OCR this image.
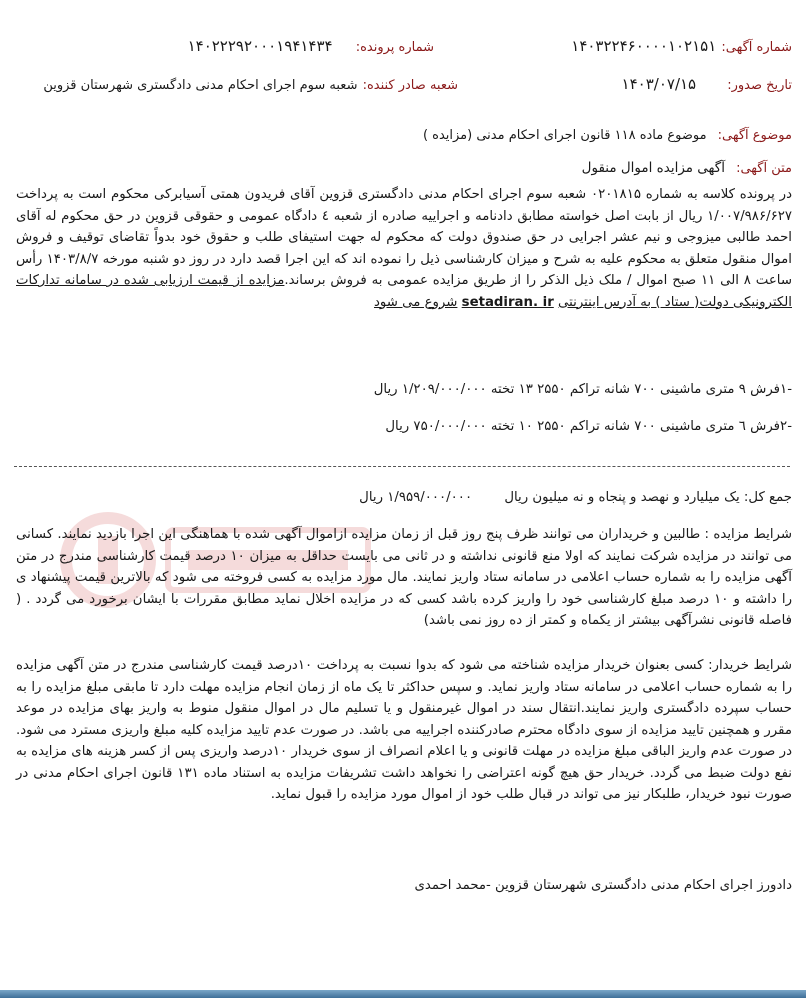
شماره آگهی: ۱۴۰۳۲۲۴۶۰۰۰۰۱۰۲۱۵۱
شماره پرونده: ۱۴۰۲۲۲۹۲۰۰۰۱۹۴۱۴۳۴
تاریخ صدور: ۱۴۰۳/۰۷/۱۵
شعبه صادر کننده: شعبه سوم اجرای احکام مدنی دادگستری شهرستان قزوین
موضوع آگهی: موضوع ماده ۱۱۸ قانون اجرای احکام مدنی (مزایده )
متن آگهی: آگهی مزایده اموال منقول

در پرونده کلاسه به شماره ۰۲۰۱۸۱۵ شعبه سوم اجرای احکام مدنی دادگستری قزوین آقای فریدون همتی آسیابرکی محکوم است به پرداخت ۱/۰۰۷/۹۸۶/۶۲۷ ریال از بابت اصل خواسته مطابق دادنامه و اجراییه صادره از شعبه ٤ دادگاه عمومی و حقوقی قزوین در حق محکوم له آقای احمد طالبی میزوجی و نیم عشر اجرایی در حق صندوق دولت که محکوم له جهت استیفای طلب و حقوق خود بدواً تقاضای توقیف و فروش اموال منقول متعلق به محکوم علیه به شرح و میزان کارشناسی ذیل را نموده اند که این اجرا قصد دارد در روز دو شنبه مورخه ۱۴۰۳/۸/۷ رأس ساعت ۸ الی ۱۱ صبح اموال / ملک ذیل الذکر را از طریق مزایده عمومی به فروش برساند.مزایده از قیمت ارزیابی شده در سامانه تدارکات الکترونیکی دولت( ستاد ) به آدرس اینترنتی setadiran. ir شروع می شود

-۱فرش ۹ متری ماشینی ۷۰۰ شانه تراکم ۲۵۵۰ ۱۳ تخته ۱/۲۰۹/۰۰۰/۰۰۰ ریال
-۲فرش ٦ متری ماشینی ۷۰۰ شانه تراکم ۲۵۵۰ ۱۰ تخته ۷۵۰/۰۰۰/۰۰۰ ریال
جمع کل: یک میلیارد و نهصد و پنجاه و نه میلیون ریال ۱/۹۵۹/۰۰۰/۰۰۰ ریال

شرایط مزایده : طالبین و خریداران می توانند ظرف پنج روز قبل از زمان مزایده ازاموال آگهی شده با هماهنگی این اجرا بازدید نمایند. کسانی می توانند در مزایده شرکت نمایند که اولا منع قانونی نداشته و در ثانی می بایست حداقل به میزان ۱۰ درصد قیمت کارشناسی مندرج در متن آگهی مزایده را به شماره حساب اعلامی در سامانه ستاد واریز نمایند. مال مورد مزایده به کسی فروخته می شود که بالاترین قیمت پیشنهاد ی را داشته و ۱۰ درصد مبلغ کارشناسی خود را واریز کرده باشد کسی که در مزایده اخلال نماید مطابق مقررات با ایشان برخورد می گردد . ( فاصله قانونی نشرآگهی بیشتر از یکماه و کمتر از ده روز نمی باشد)

شرایط خریدار: کسی بعنوان خریدار مزایده شناخته می شود که بدوا نسبت به پرداخت ۱۰درصد قیمت کارشناسی مندرج در متن آگهی مزایده را به شماره حساب اعلامی در سامانه ستاد واریز نماید. و سپس حداکثر تا یک ماه از زمان انجام مزایده مهلت دارد تا مابقی مبلغ مزایده را به حساب سپرده دادگستری واریز نمایند.انتقال سند در اموال غیرمنقول و یا تسلیم مال در اموال منقول منوط به واریز بهای مزایده در موعد مقرر و همچنین تایید مزایده از سوی دادگاه محترم صادرکننده اجراییه می باشد. در صورت عدم تایید مزایده کلیه مبلغ واریزی مسترد می شود. در صورت عدم واریز الباقی مبلغ مزایده در مهلت قانونی و یا اعلام انصراف از سوی خریدار ۱۰درصد واریزی پس از کسر هزینه های مزایده به نفع دولت ضبط می گردد. خریدار حق هیچ گونه اعتراضی را نخواهد داشت تشریفات مزایده به استناد ماده ۱۳۱ قانون اجرای احکام مدنی در صورت نبود خریدار، طلبکار نیز می تواند در قبال طلب خود از اموال مورد مزایده را قبول نماید.

دادورز اجرای احکام مدنی دادگستری شهرستان قزوین -محمد احمدی
